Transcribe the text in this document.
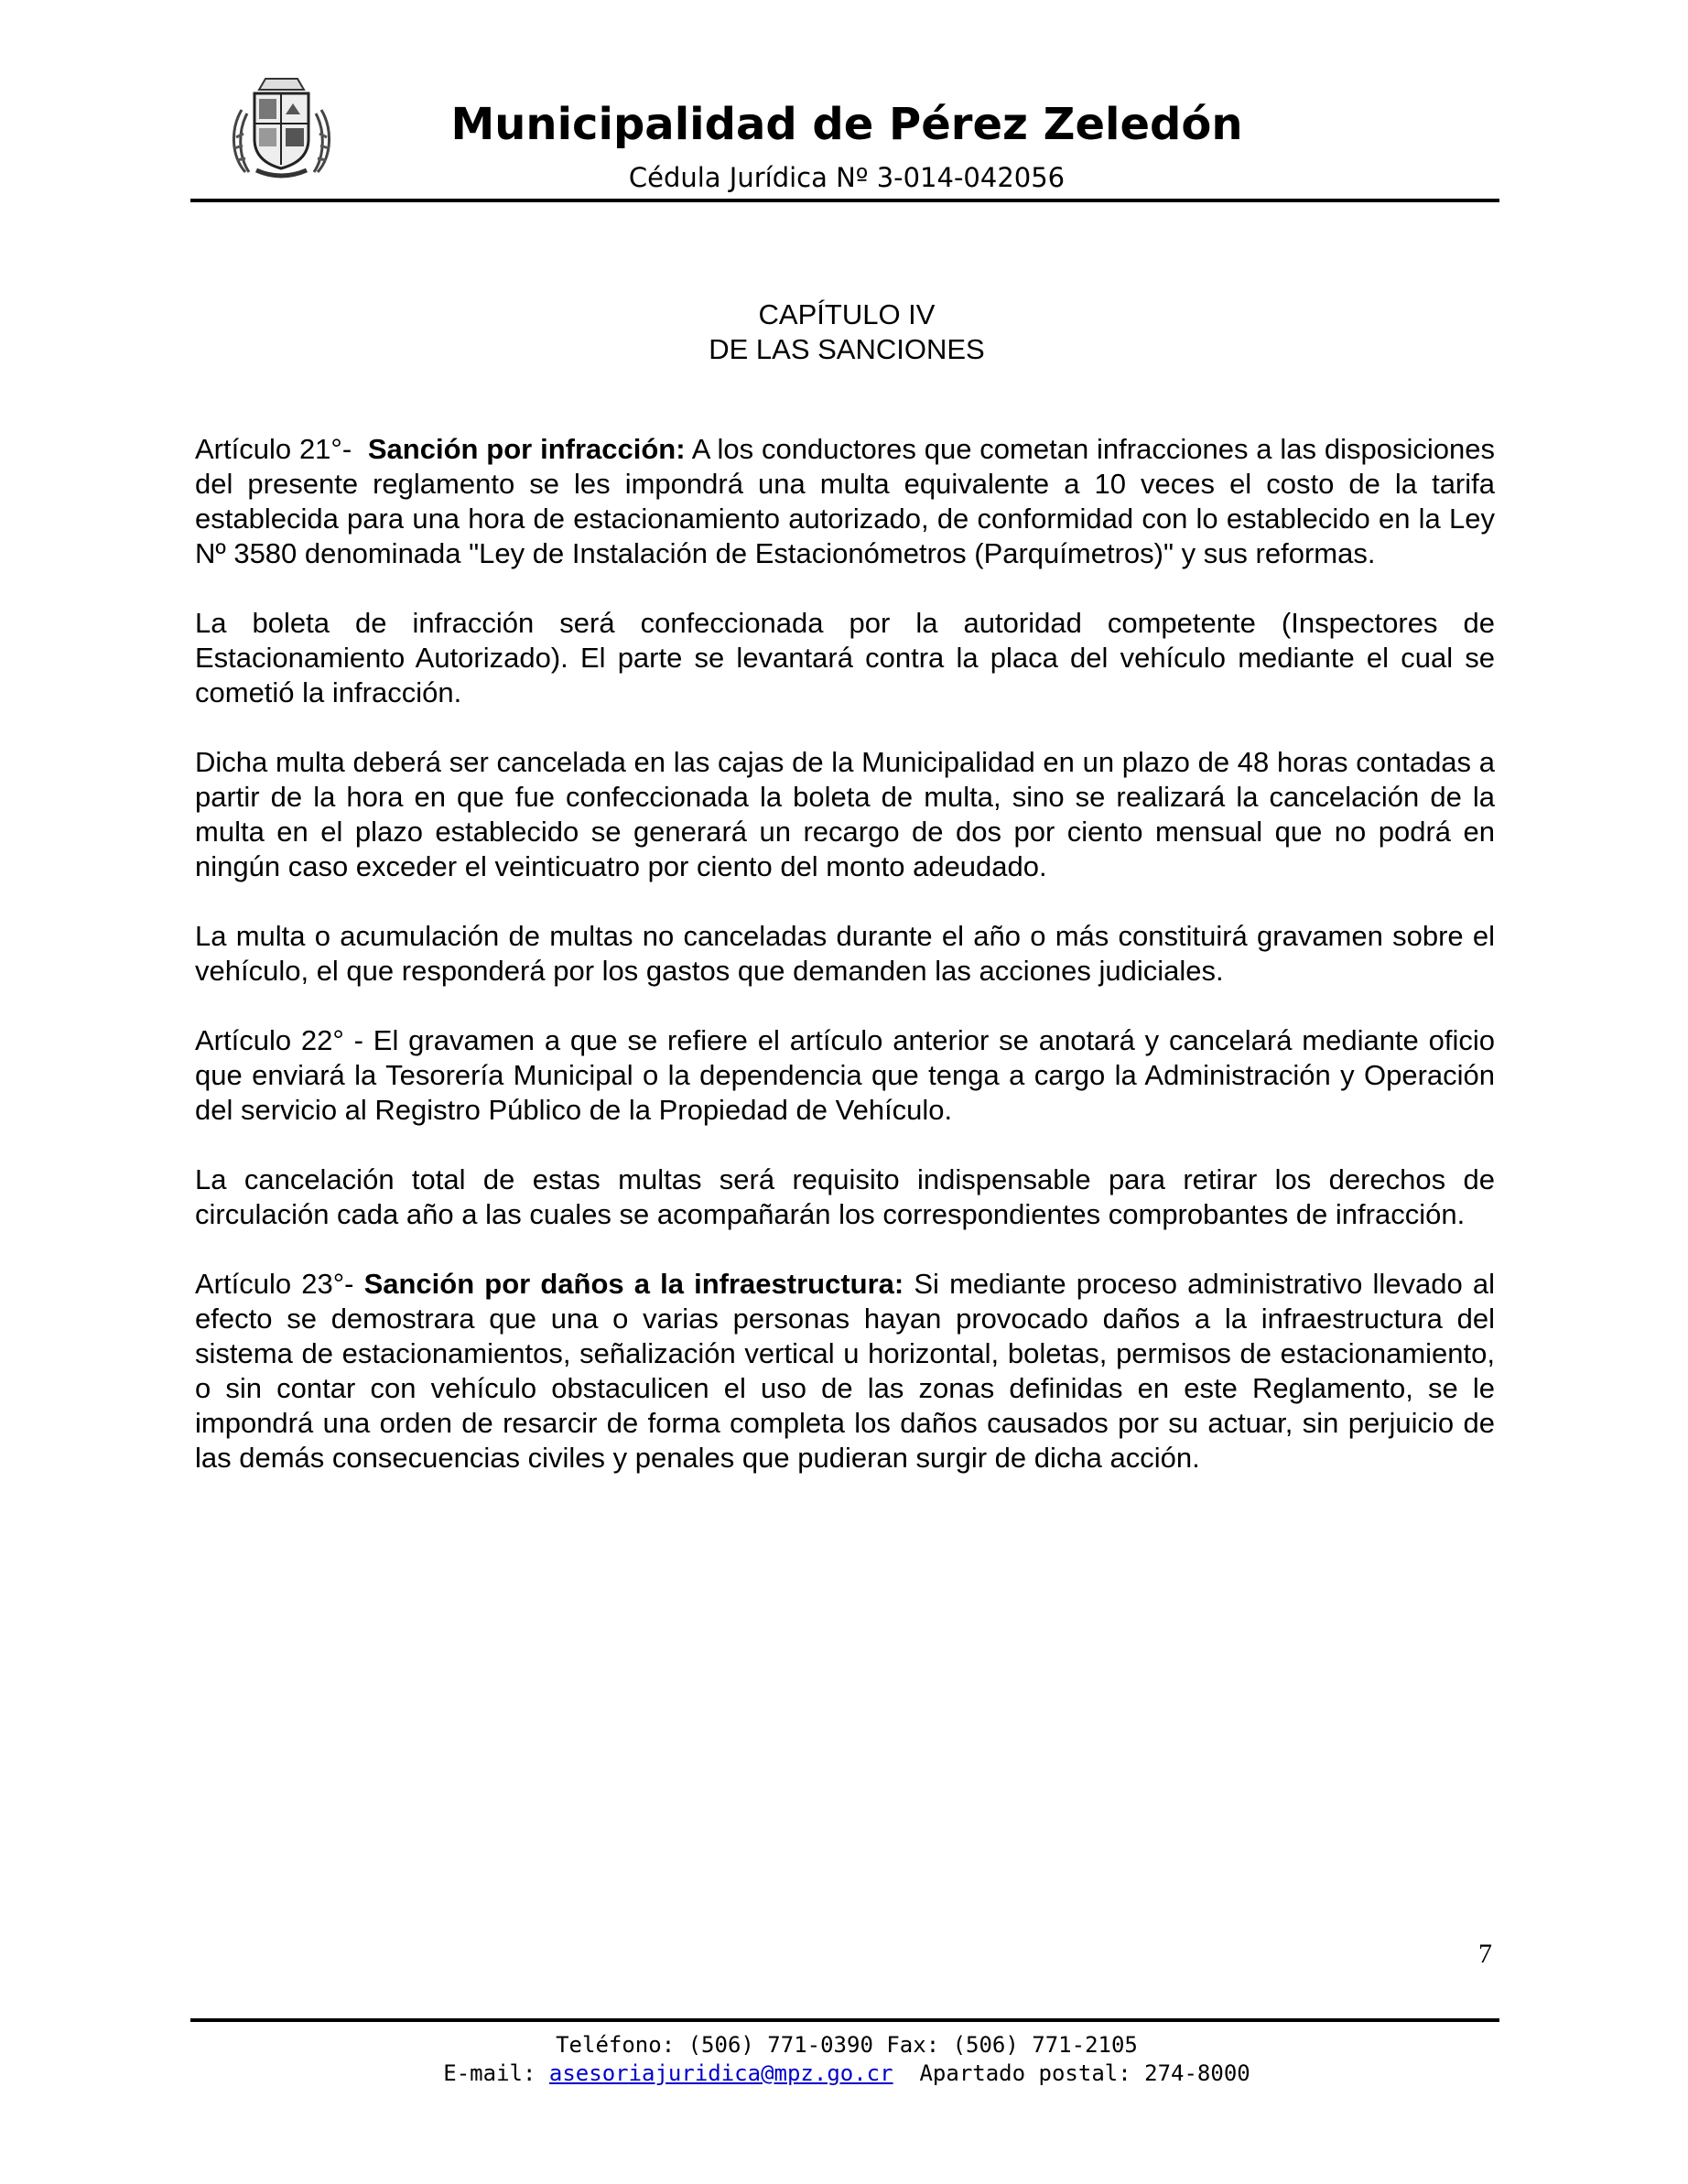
Municipalidad de Pérez Zeledón
Cédula Jurídica Nº 3-014-042056
CAPÍTULO IV
DE LAS SANCIONES

Artículo 21°- Sanción por infracción: A los conductores que cometan infracciones a las disposiciones del presente reglamento se les impondrá una multa equivalente a 10 veces el costo de la tarifa establecida para una hora de estacionamiento autorizado, de conformidad con lo establecido en la Ley Nº 3580 denominada "Ley de Instalación de Estacionómetros (Parquímetros)" y sus reformas.

La boleta de infracción será confeccionada por la autoridad competente (Inspectores de Estacionamiento Autorizado). El parte se levantará contra la placa del vehículo mediante el cual se cometió la infracción.

Dicha multa deberá ser cancelada en las cajas de la Municipalidad en un plazo de 48 horas contadas a partir de la hora en que fue confeccionada la boleta de multa, sino se realizará la cancelación de la multa en el plazo establecido se generará un recargo de dos por ciento mensual que no podrá en ningún caso exceder el veinticuatro por ciento del monto adeudado.

La multa o acumulación de multas no canceladas durante el año o más constituirá gravamen sobre el vehículo, el que responderá por los gastos que demanden las acciones judiciales.

Artículo 22° - El gravamen a que se refiere el artículo anterior se anotará y cancelará mediante oficio que enviará la Tesorería Municipal o la dependencia que tenga a cargo la Administración y Operación del servicio al Registro Público de la Propiedad de Vehículo.

La cancelación total de estas multas será requisito indispensable para retirar los derechos de circulación cada año a las cuales se acompañarán los correspondientes comprobantes de infracción.

Artículo 23°- Sanción por daños a la infraestructura: Si mediante proceso administrativo llevado al efecto se demostrara que una o varias personas hayan provocado daños a la infraestructura del sistema de estacionamientos, señalización vertical u horizontal, boletas, permisos de estacionamiento, o sin contar con vehículo obstaculicen el uso de las zonas definidas en este Reglamento, se le impondrá una orden de resarcir de forma completa los daños causados por su actuar, sin perjuicio de las demás consecuencias civiles y penales que pudieran surgir de dicha acción.

7
Teléfono: (506) 771-0390 Fax: (506) 771-2105
E-mail: asesoriajuridica@mpz.go.cr Apartado postal: 274-8000
